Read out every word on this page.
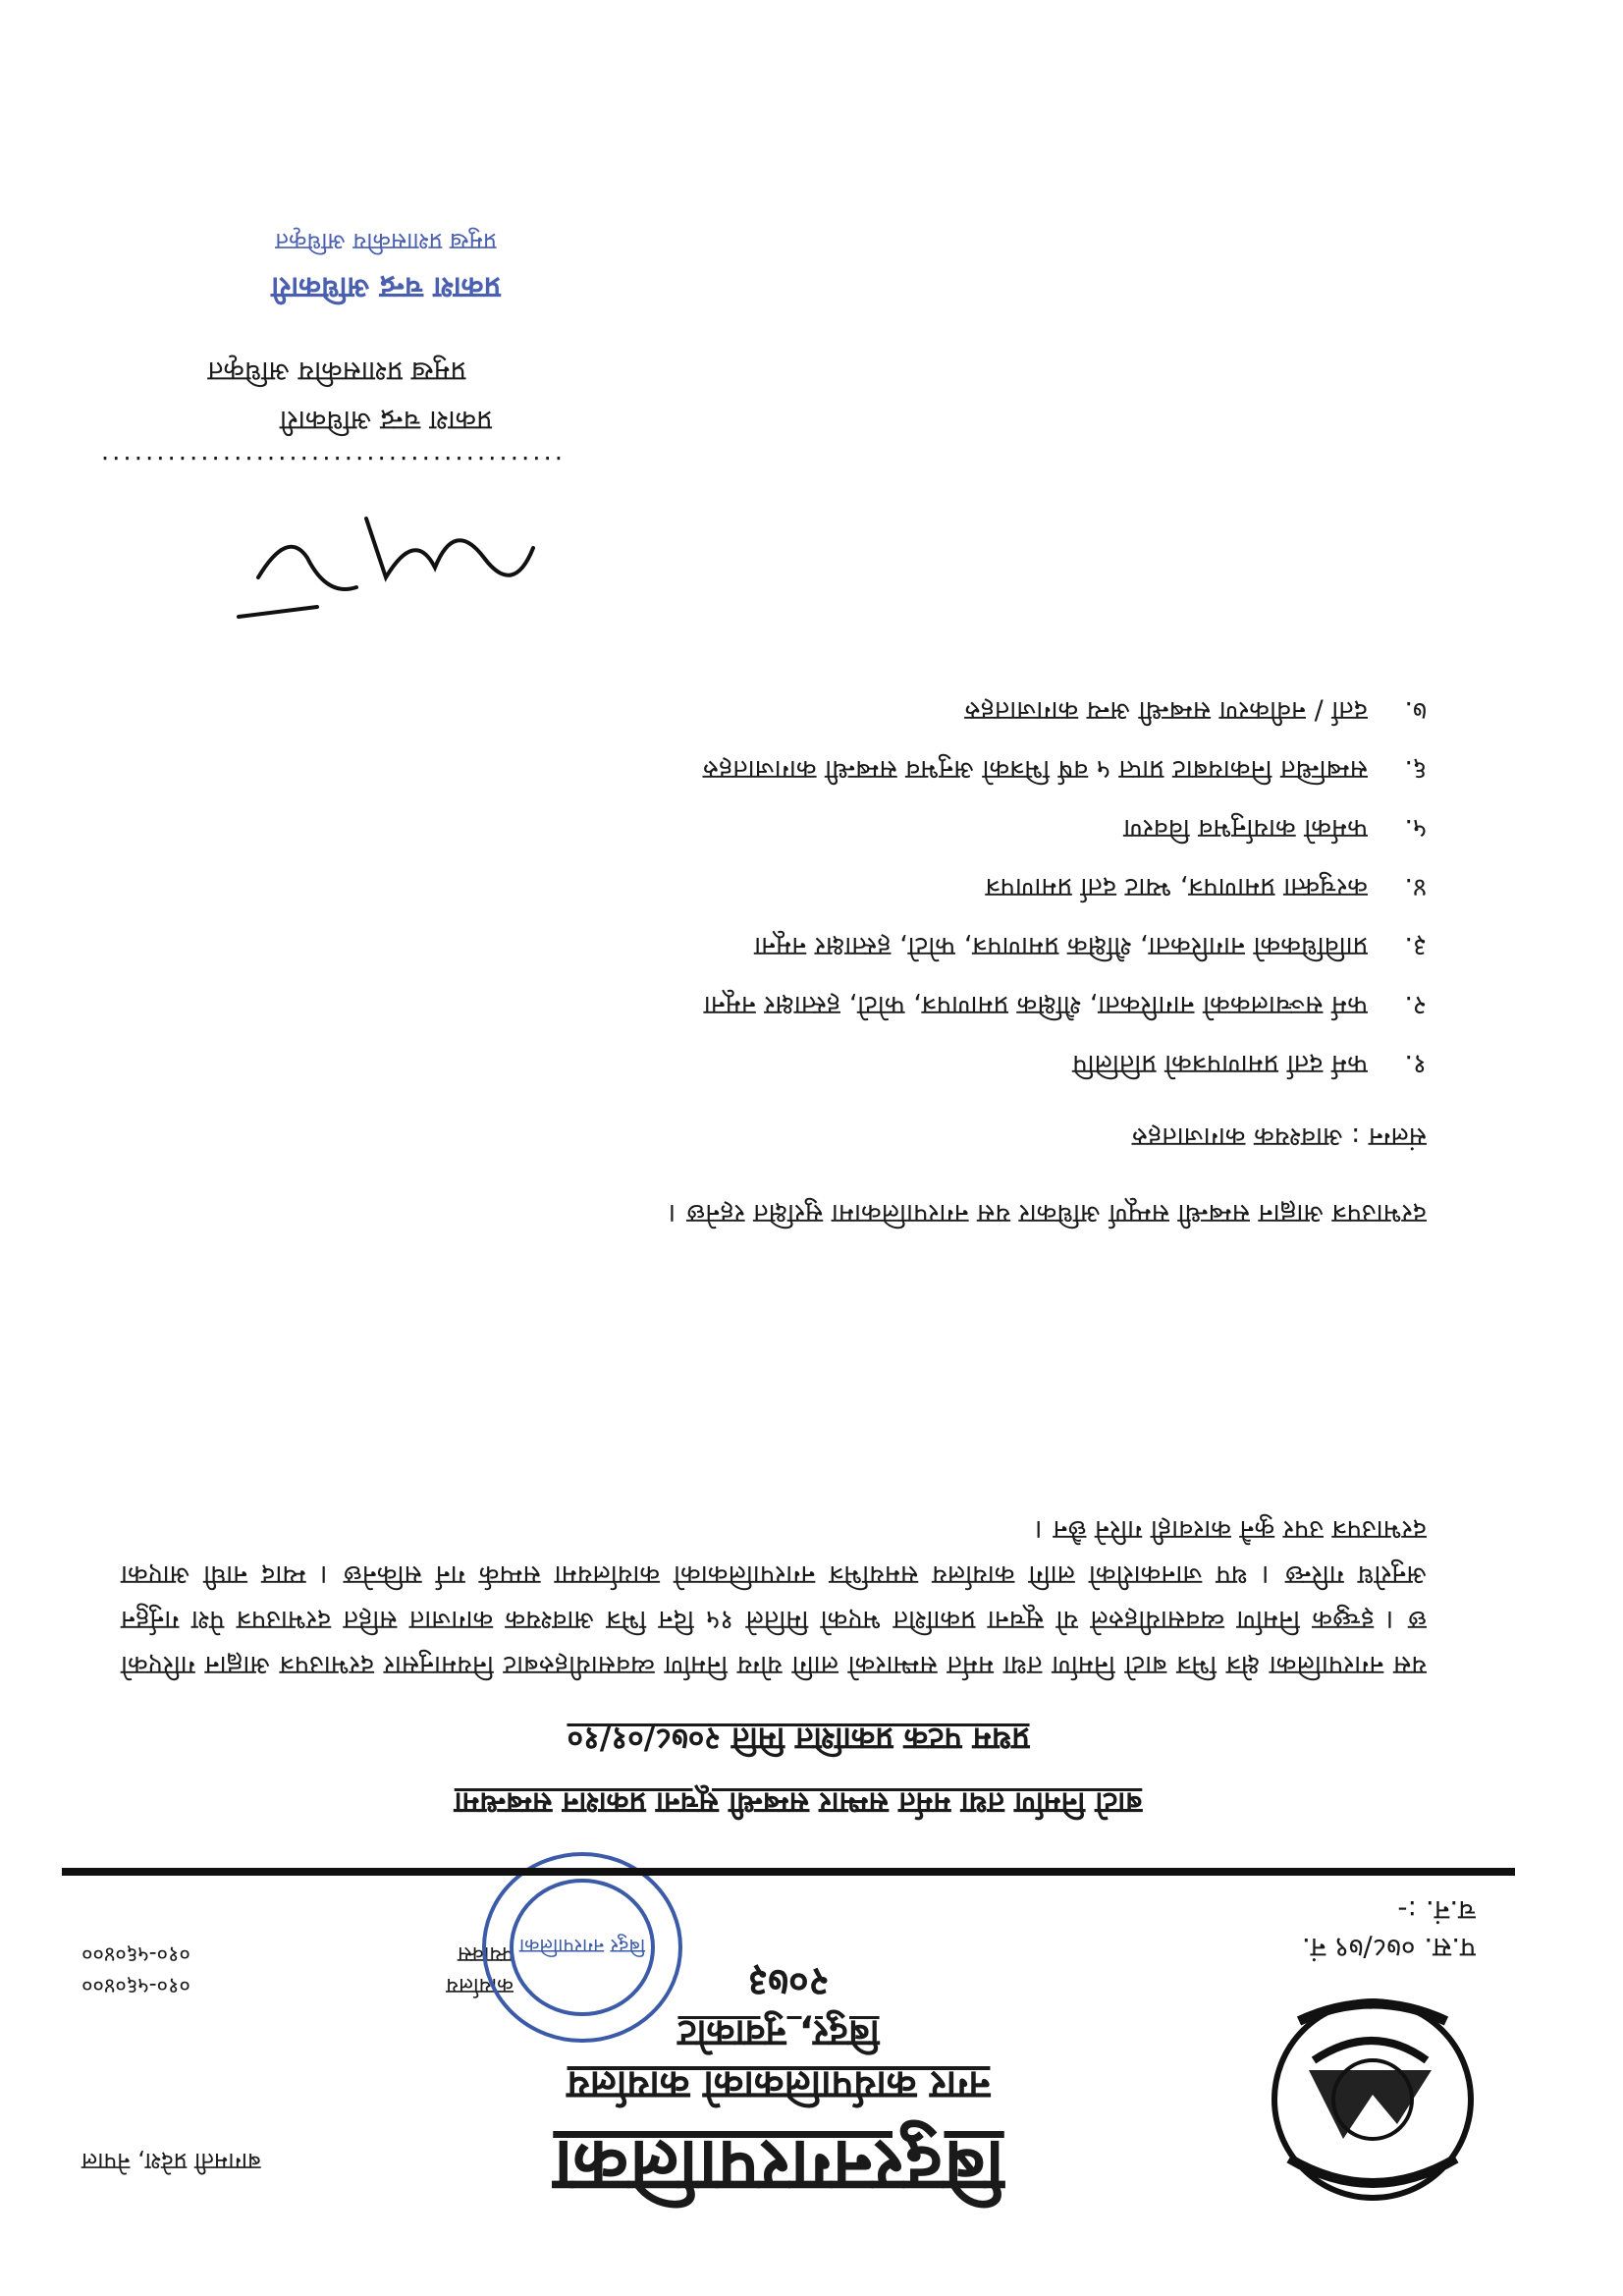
बिदुरनगरपालिका
नगर कार्यपालिकाको कार्यालय
बिदुर, नुवाकोट
२०७३
बागमती प्रदेश, नेपाल
कार्यालय
०१०-५६०४००
फ्याक्स
०१०-५६०४००	बिदुर नगरपालिका	प.स. ०७८/७९ नं.
च.नं. :-
बाटो निर्माण तथा मर्मत सम्भार सम्बन्धी सूचना प्रकाशन सम्बन्धमा
प्रथम पटक प्रकाशित मिति २०७८/०१/१०
यस नगरपालिका क्षेत्र भित्र बाटो निर्माण तथा मर्मत सम्भारको लागि योग्य निर्माण व्यवसायीहरुबाट नियमानुसार दरभाउपत्र आह्वान गरिएको छ । इच्छुक निर्माण व्यवसायीहरुले यो सूचना प्रकाशित भएको मितिले १५ दिन भित्र आवश्यक कागजात सहित दरभाउपत्र पेश गर्नुहुन अनुरोध गरिन्छ । थप जानकारीको लागि कार्यालय समयभित्र नगरपालिकाको कार्यालयमा सम्पर्क गर्न सकिनेछ । म्याद नाघी आएका दरभाउपत्र उपर कुनै कारवाही गरिने छैन ।
दरभाउपत्र आह्वान सम्बन्धी सम्पूर्ण अधिकार यस नगरपालिकामा सुरक्षित रहनेछ ।
संलग्न : आवश्यक कागजातहरु
१.
फर्म दर्ता प्रमाणपत्रको प्रतिलिपि
२.
फर्म सञ्चालकको नागरिकता, शैक्षिक प्रमाणपत्र, फोटो, हस्ताक्षर नमूना
३.
प्राविधिकको नागरिकता, शैक्षिक प्रमाणपत्र, फोटो, हस्ताक्षर नमूना
४.
करचुक्ता प्रमाणपत्र, भ्याट दर्ता प्रमाणपत्र
५.
फर्मको कार्यानुभव विवरण
६.
सम्बन्धित निकायबाट प्राप्त ५ वर्ष भित्रको अनुभव सम्बन्धी कागजातहरु
७.
दर्ता / नवीकरण सम्बन्धी अन्य कागजातहरु
..........................................
प्रकाश चन्द्र अधिकारी
प्रमुख प्रशासकीय अधिकृत
प्रकाश चन्द्र अधिकारी
प्रमुख प्रशासकीय अधिकृत
